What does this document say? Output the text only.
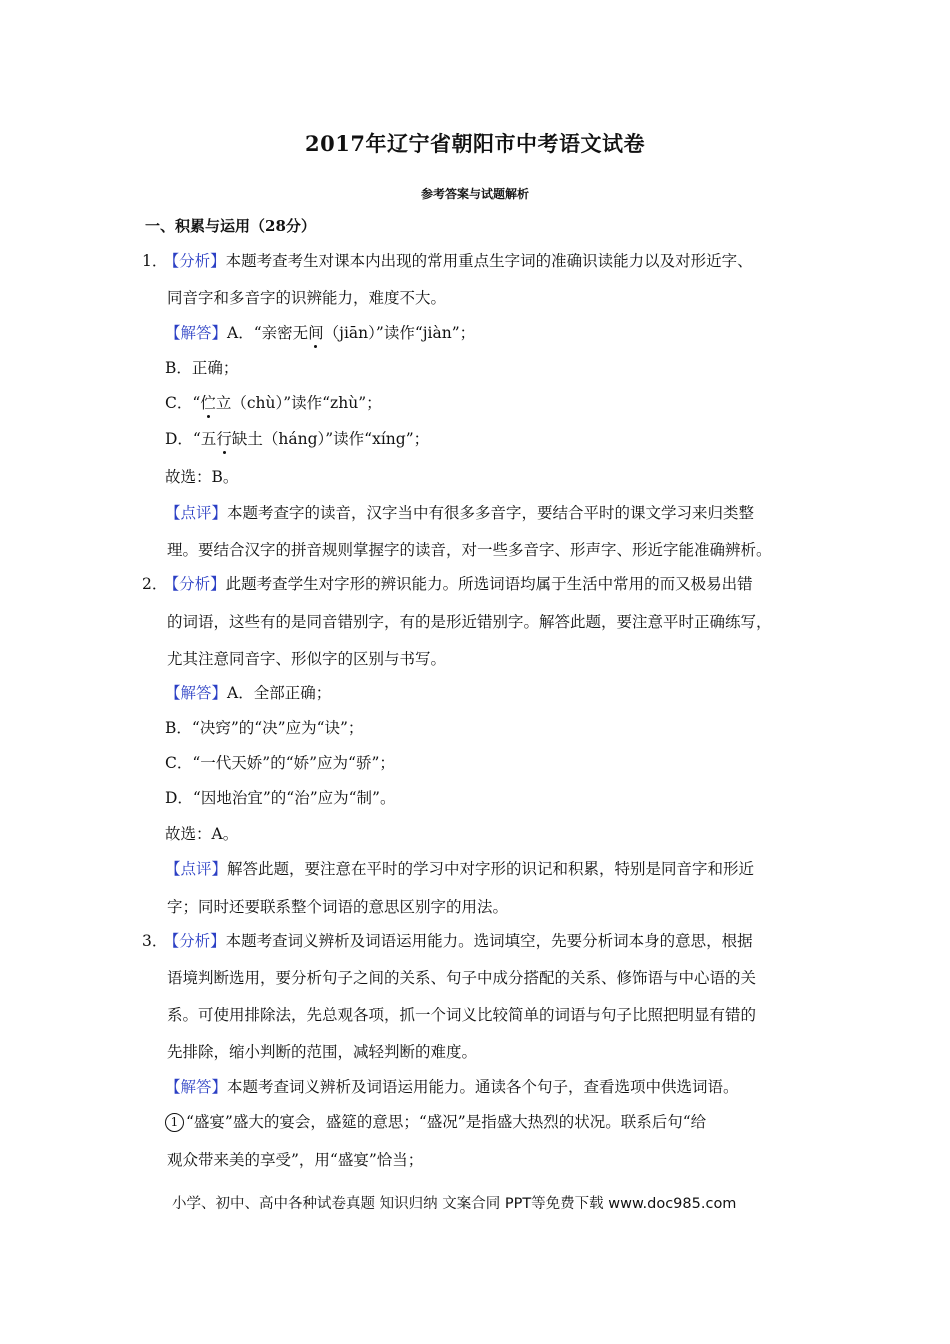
2017年辽宁省朝阳市中考语文试卷
参考答案与试题解析
一、积累与运用（28分）
1． 【分析】本题考查考生对课本内出现的常用重点生字词的准确识读能力以及对形近字、
同音字和多音字的识辨能力，难度不大。
【解答】A．“亲密无间（jiān）”读作“jiàn”；
B．正确；
C．“伫立（chù）”读作“zhù”；
D．“五行缺土（háng）”读作“xíng”；
故选：B。
【点评】本题考查字的读音，汉字当中有很多多音字，要结合平时的课文学习来归类整
理。要结合汉字的拼音规则掌握字的读音，对一些多音字、形声字、形近字能准确辨析。
2． 【分析】此题考查学生对字形的辨识能力。所选词语均属于生活中常用的而又极易出错
的词语，这些有的是同音错别字，有的是形近错别字。解答此题，要注意平时正确练写，
尤其注意同音字、形似字的区别与书写。
【解答】A．全部正确；
B．“决窍”的“决”应为“诀”；
C．“一代天娇”的“娇”应为“骄”；
D．“因地治宜”的“治”应为“制”。
故选：A。
【点评】解答此题，要注意在平时的学习中对字形的识记和积累，特别是同音字和形近
字；同时还要联系整个词语的意思区别字的用法。
3． 【分析】本题考查词义辨析及词语运用能力。选词填空，先要分析词本身的意思，根据
语境判断选用，要分析句子之间的关系、句子中成分搭配的关系、修饰语与中心语的关
系。可使用排除法，先总观各项，抓一个词义比较简单的词语与句子比照把明显有错的
先排除，缩小判断的范围，减轻判断的难度。
【解答】本题考查词义辨析及词语运用能力。通读各个句子，查看选项中供选词语。
1 “盛宴”盛大的宴会，盛筵的意思；“盛况”是指盛大热烈的状况。联系后句“给
观众带来美的享受”，用“盛宴”恰当；
小学、初中、高中各种试卷真题 知识归纳 文案合同 PPT等免费下载 www.doc985.com
